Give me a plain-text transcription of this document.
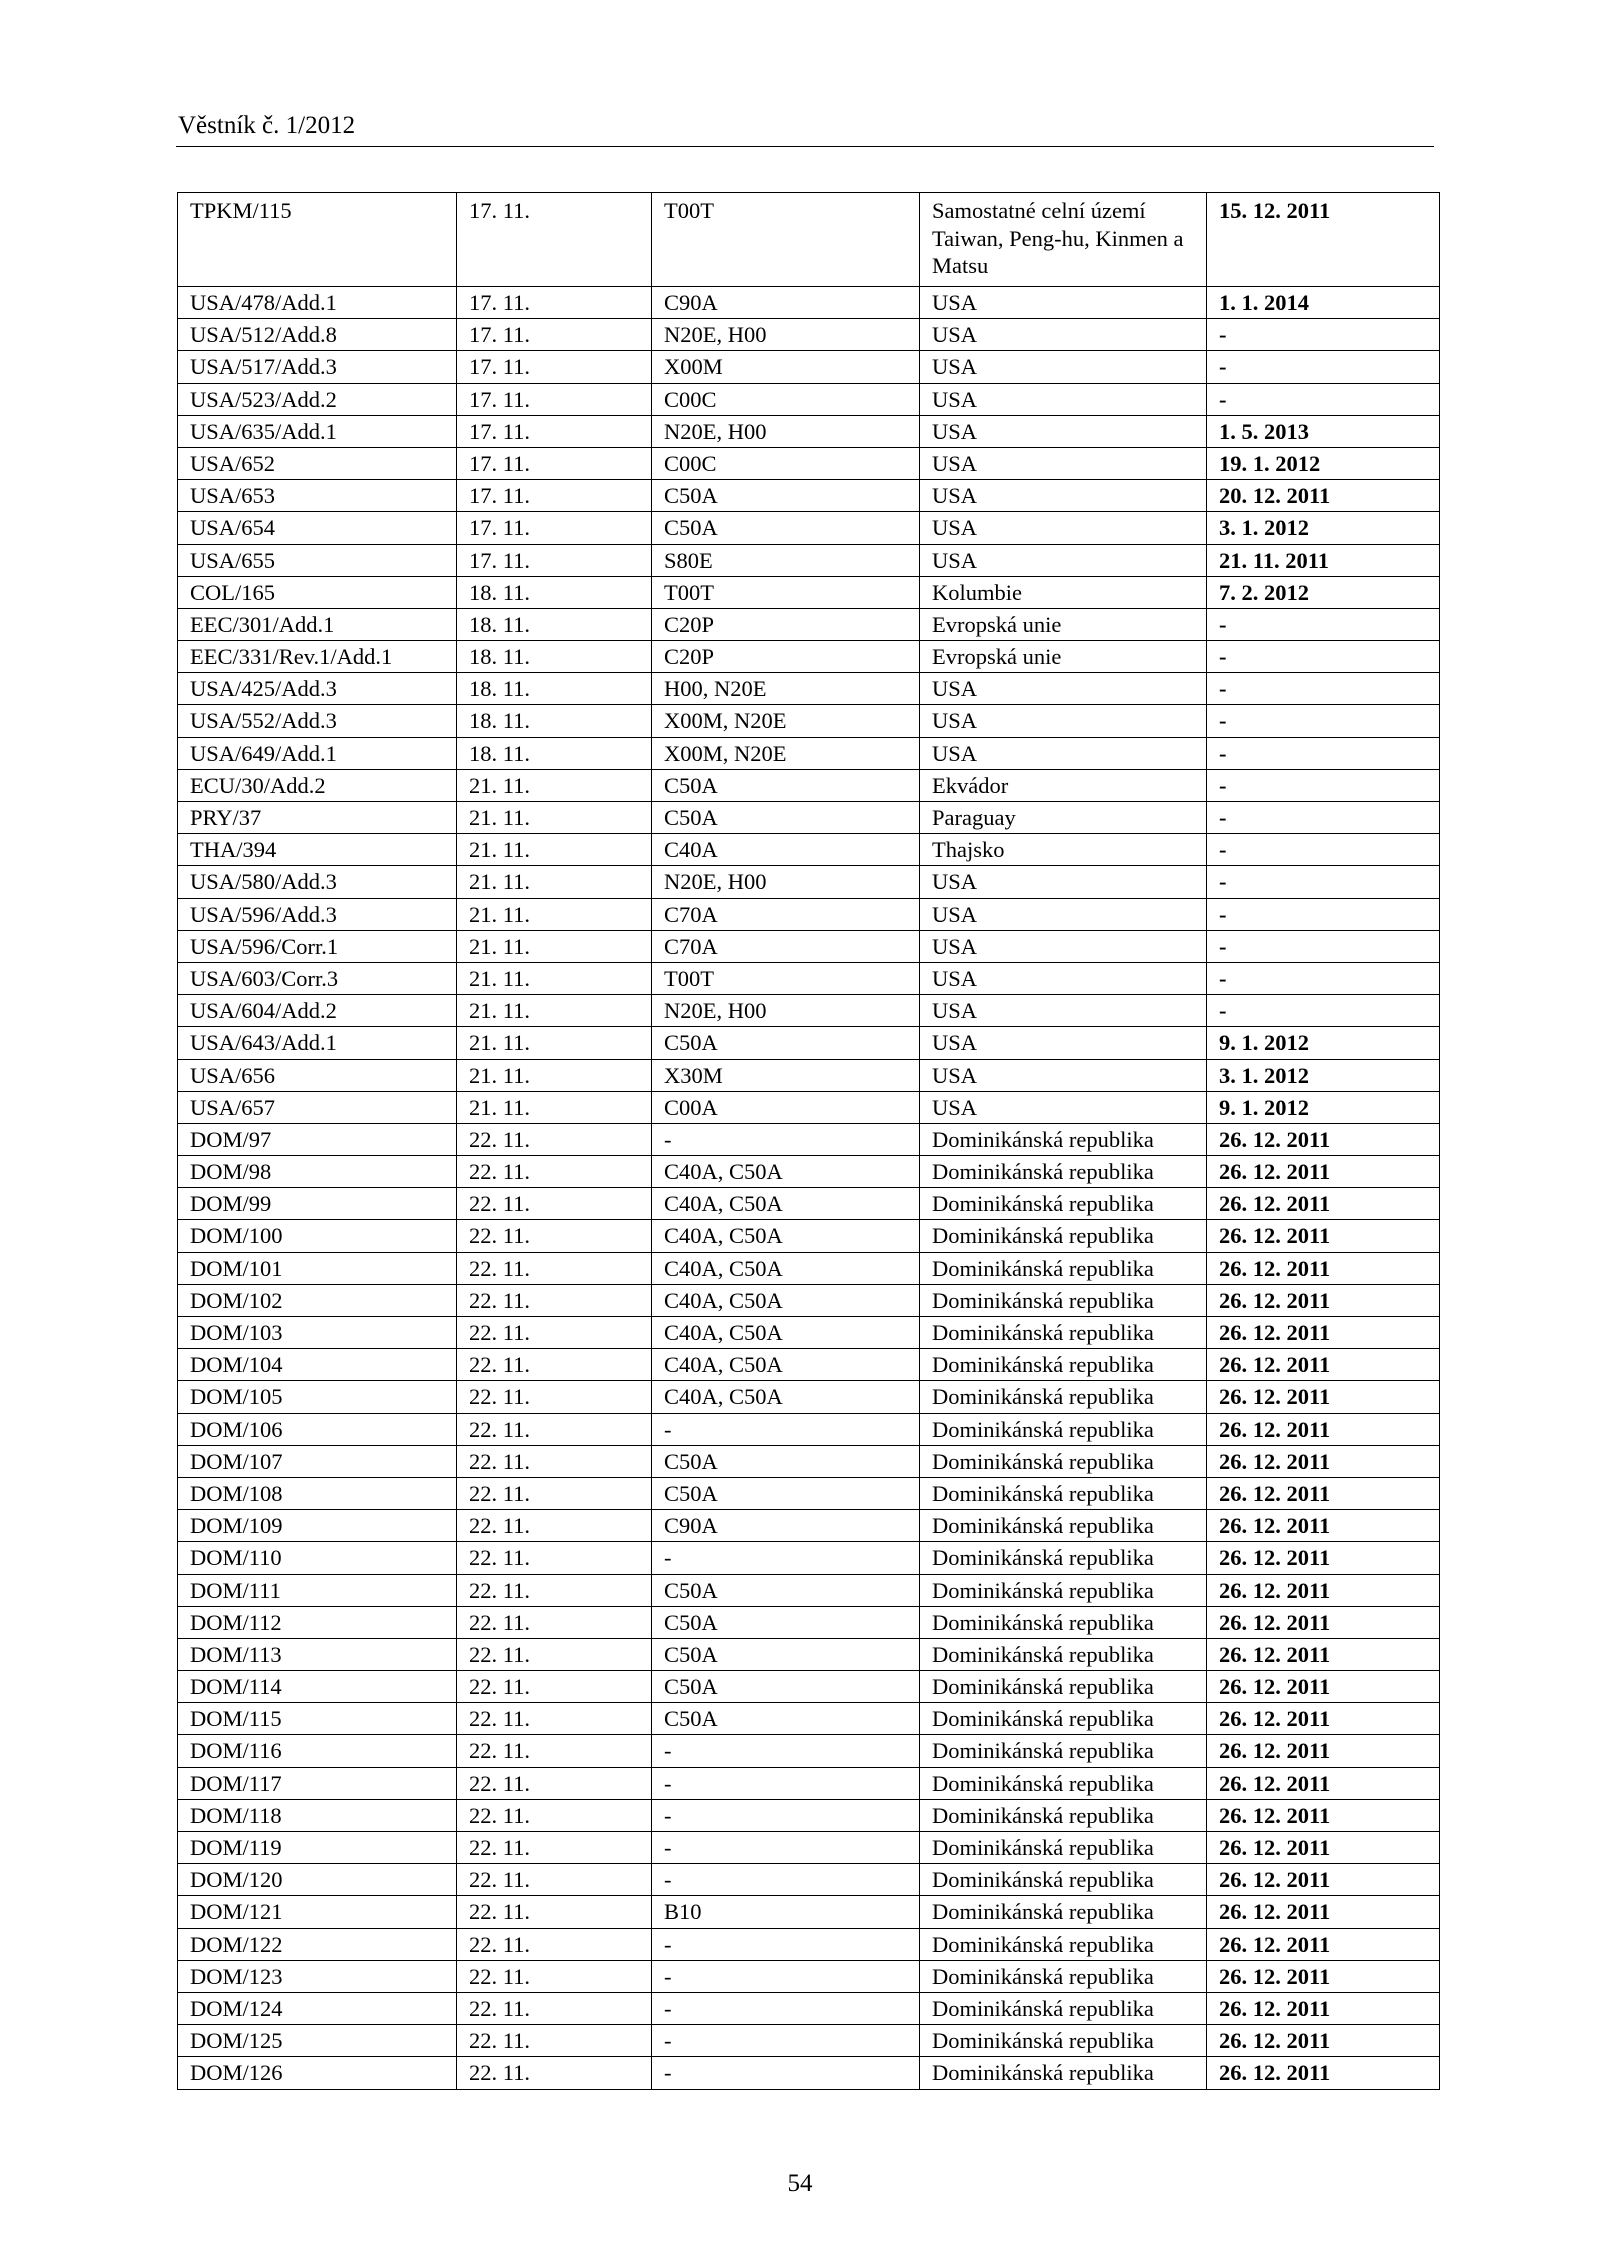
Věstník č. 1/2012
TPKM/115	17. 11.	T00T	Samostatné celní území Taiwan, Peng-hu, Kinmen a Matsu	15. 12. 2011
USA/478/Add.1	17. 11.	C90A	USA	1. 1. 2014
USA/512/Add.8	17. 11.	N20E, H00	USA	-
USA/517/Add.3	17. 11.	X00M	USA	-
USA/523/Add.2	17. 11.	C00C	USA	-
USA/635/Add.1	17. 11.	N20E, H00	USA	1. 5. 2013
USA/652	17. 11.	C00C	USA	19. 1. 2012
USA/653	17. 11.	C50A	USA	20. 12. 2011
USA/654	17. 11.	C50A	USA	3. 1. 2012
USA/655	17. 11.	S80E	USA	21. 11. 2011
COL/165	18. 11.	T00T	Kolumbie	7. 2. 2012
EEC/301/Add.1	18. 11.	C20P	Evropská unie	-
EEC/331/Rev.1/Add.1	18. 11.	C20P	Evropská unie	-
USA/425/Add.3	18. 11.	H00, N20E	USA	-
USA/552/Add.3	18. 11.	X00M, N20E	USA	-
USA/649/Add.1	18. 11.	X00M, N20E	USA	-
ECU/30/Add.2	21. 11.	C50A	Ekvádor	-
PRY/37	21. 11.	C50A	Paraguay	-
THA/394	21. 11.	C40A	Thajsko	-
USA/580/Add.3	21. 11.	N20E, H00	USA	-
USA/596/Add.3	21. 11.	C70A	USA	-
USA/596/Corr.1	21. 11.	C70A	USA	-
USA/603/Corr.3	21. 11.	T00T	USA	-
USA/604/Add.2	21. 11.	N20E, H00	USA	-
USA/643/Add.1	21. 11.	C50A	USA	9. 1. 2012
USA/656	21. 11.	X30M	USA	3. 1. 2012
USA/657	21. 11.	C00A	USA	9. 1. 2012
DOM/97	22. 11.	-	Dominikánská republika	26. 12. 2011
DOM/98	22. 11.	C40A, C50A	Dominikánská republika	26. 12. 2011
DOM/99	22. 11.	C40A, C50A	Dominikánská republika	26. 12. 2011
DOM/100	22. 11.	C40A, C50A	Dominikánská republika	26. 12. 2011
DOM/101	22. 11.	C40A, C50A	Dominikánská republika	26. 12. 2011
DOM/102	22. 11.	C40A, C50A	Dominikánská republika	26. 12. 2011
DOM/103	22. 11.	C40A, C50A	Dominikánská republika	26. 12. 2011
DOM/104	22. 11.	C40A, C50A	Dominikánská republika	26. 12. 2011
DOM/105	22. 11.	C40A, C50A	Dominikánská republika	26. 12. 2011
DOM/106	22. 11.	-	Dominikánská republika	26. 12. 2011
DOM/107	22. 11.	C50A	Dominikánská republika	26. 12. 2011
DOM/108	22. 11.	C50A	Dominikánská republika	26. 12. 2011
DOM/109	22. 11.	C90A	Dominikánská republika	26. 12. 2011
DOM/110	22. 11.	-	Dominikánská republika	26. 12. 2011
DOM/111	22. 11.	C50A	Dominikánská republika	26. 12. 2011
DOM/112	22. 11.	C50A	Dominikánská republika	26. 12. 2011
DOM/113	22. 11.	C50A	Dominikánská republika	26. 12. 2011
DOM/114	22. 11.	C50A	Dominikánská republika	26. 12. 2011
DOM/115	22. 11.	C50A	Dominikánská republika	26. 12. 2011
DOM/116	22. 11.	-	Dominikánská republika	26. 12. 2011
DOM/117	22. 11.	-	Dominikánská republika	26. 12. 2011
DOM/118	22. 11.	-	Dominikánská republika	26. 12. 2011
DOM/119	22. 11.	-	Dominikánská republika	26. 12. 2011
DOM/120	22. 11.	-	Dominikánská republika	26. 12. 2011
DOM/121	22. 11.	B10	Dominikánská republika	26. 12. 2011
DOM/122	22. 11.	-	Dominikánská republika	26. 12. 2011
DOM/123	22. 11.	-	Dominikánská republika	26. 12. 2011
DOM/124	22. 11.	-	Dominikánská republika	26. 12. 2011
DOM/125	22. 11.	-	Dominikánská republika	26. 12. 2011
DOM/126	22. 11.	-	Dominikánská republika	26. 12. 2011
54
